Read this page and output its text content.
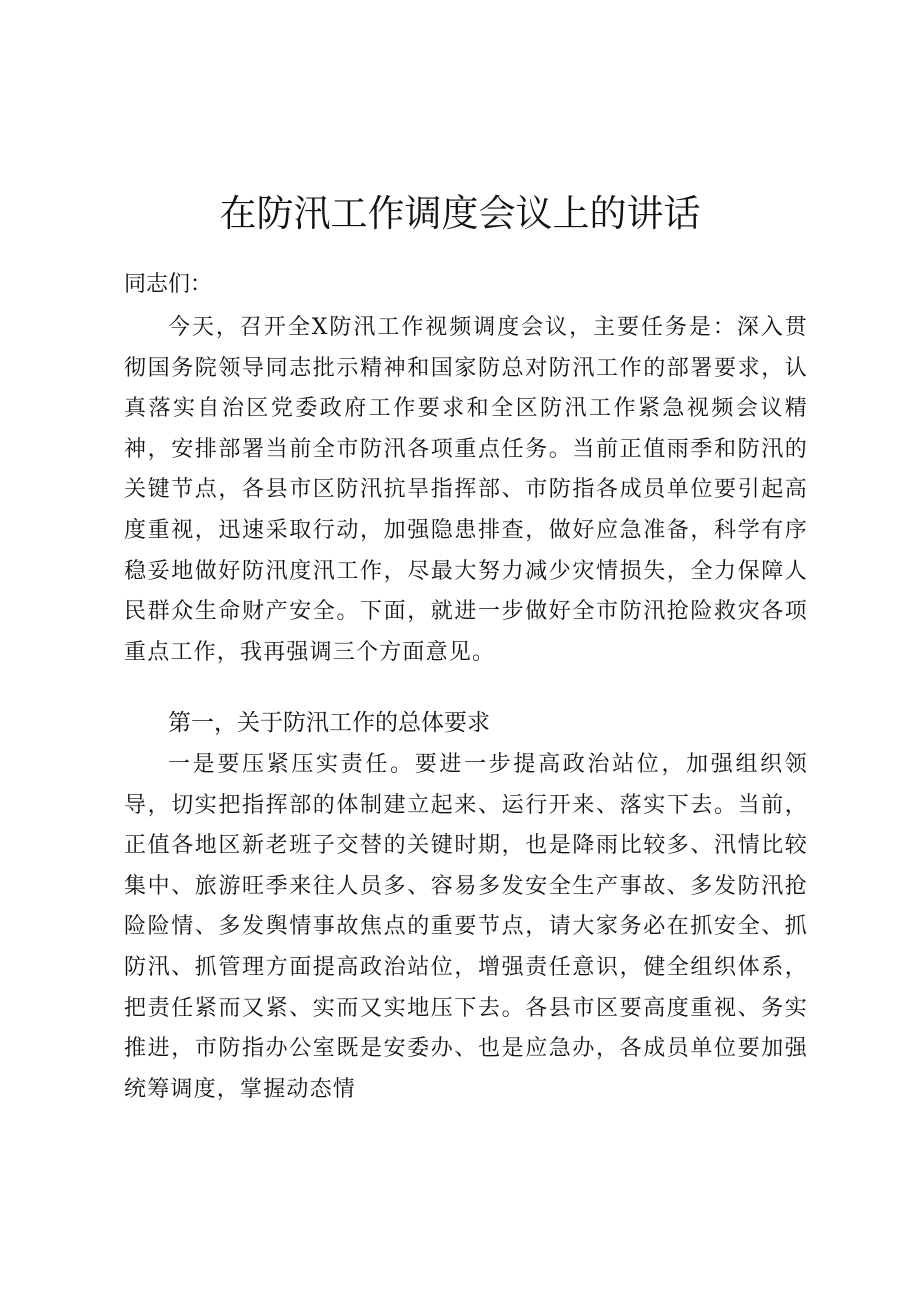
在防汛工作调度会议上的讲话
同志们：

今天，召开全X防汛工作视频调度会议，主要任务是：深入贯彻国务院领导同志批示精神和国家防总对防汛工作的部署要求，认真落实自治区党委政府工作要求和全区防汛工作紧急视频会议精神，安排部署当前全市防汛各项重点任务。当前正值雨季和防汛的关键节点，各县市区防汛抗旱指挥部、市防指各成员单位要引起高度重视，迅速采取行动，加强隐患排查，做好应急准备，科学有序稳妥地做好防汛度汛工作，尽最大努力减少灾情损失，全力保障人民群众生命财产安全。下面，就进一步做好全市防汛抢险救灾各项重点工作，我再强调三个方面意见。

第一，关于防汛工作的总体要求

一是要压紧压实责任。要进一步提高政治站位，加强组织领导，切实把指挥部的体制建立起来、运行开来、落实下去。当前，正值各地区新老班子交替的关键时期，也是降雨比较多、汛情比较集中、旅游旺季来往人员多、容易多发安全生产事故、多发防汛抢险险情、多发舆情事故焦点的重要节点，请大家务必在抓安全、抓防汛、抓管理方面提高政治站位，增强责任意识，健全组织体系，把责任紧而又紧、实而又实地压下去。各县市区要高度重视、务实推进，市防指办公室既是安委办、也是应急办，各成员单位要加强统筹调度，掌握动态情
